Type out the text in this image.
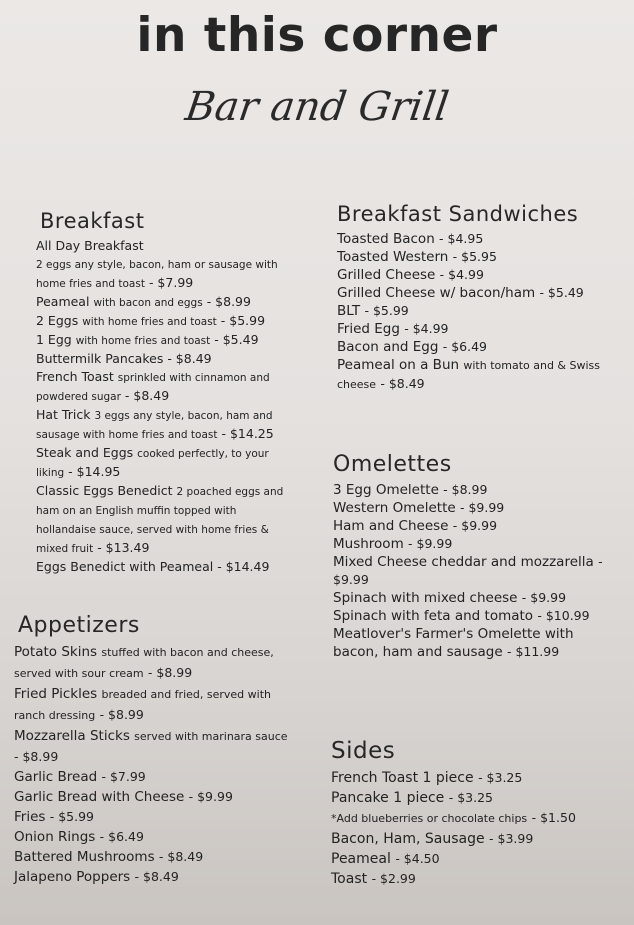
in this corner
Bar and Grill
Breakfast
All Day Breakfast
2 eggs any style, bacon, ham or sausage with home fries and toast - $7.99
Peameal with bacon and eggs - $8.99
2 Eggs with home fries and toast - $5.99
1 Egg with home fries and toast - $5.49
Buttermilk Pancakes - $8.49
French Toast sprinkled with cinnamon and powdered sugar - $8.49
Hat Trick 3 eggs any style, bacon, ham and sausage with home fries and toast - $14.25
Steak and Eggs cooked perfectly, to your liking - $14.95
Classic Eggs Benedict 2 poached eggs and ham on an English muffin topped with hollandaise sauce, served with home fries & mixed fruit - $13.49
Eggs Benedict with Peameal - $14.49
Appetizers
Potato Skins stuffed with bacon and cheese, served with sour cream - $8.99
Fried Pickles breaded and fried, served with ranch dressing - $8.99
Mozzarella Sticks served with marinara sauce - $8.99
Garlic Bread - $7.99
Garlic Bread with Cheese - $9.99
Fries - $5.99
Onion Rings - $6.49
Battered Mushrooms - $8.49
Jalapeno Poppers - $8.49
Breakfast Sandwiches
Toasted Bacon - $4.95
Toasted Western - $5.95
Grilled Cheese - $4.99
Grilled Cheese w/ bacon/ham - $5.49
BLT - $5.99
Fried Egg - $4.99
Bacon and Egg - $6.49
Peameal on a Bun with tomato and & Swiss cheese - $8.49
Omelettes
3 Egg Omelette - $8.99
Western Omelette - $9.99
Ham and Cheese - $9.99
Mushroom - $9.99
Mixed Cheese cheddar and mozzarella - $9.99
Spinach with mixed cheese - $9.99
Spinach with feta and tomato - $10.99
Meatlover's Farmer's Omelette with bacon, ham and sausage - $11.99
Sides
French Toast 1 piece - $3.25
Pancake 1 piece - $3.25
*Add blueberries or chocolate chips - $1.50
Bacon, Ham, Sausage - $3.99
Peameal - $4.50
Toast - $2.99
